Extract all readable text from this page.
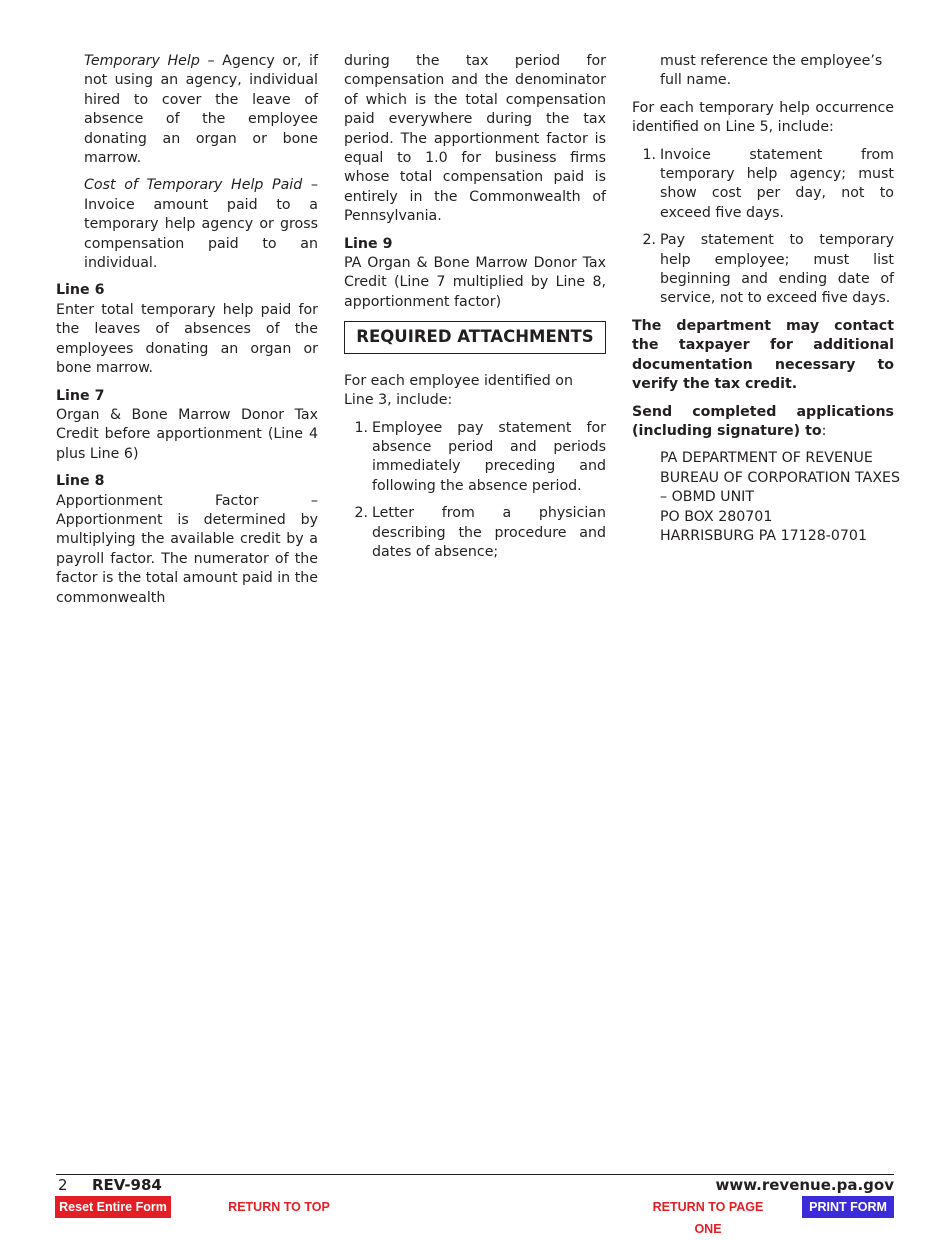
Temporary Help – Agency or, if not using an agency, individual hired to cover the leave of absence of the employee donating an organ or bone marrow.

Cost of Temporary Help Paid – Invoice amount paid to a temporary help agency or gross compensation paid to an individual.

Line 6

Enter total temporary help paid for the leaves of absences of the employees donating an organ or bone marrow.

Line 7

Organ & Bone Marrow Donor Tax Credit before apportionment (Line 4 plus Line 6)

Line 8

Apportionment Factor – Apportionment is determined by multiplying the available credit by a payroll factor. The numerator of the factor is the total amount paid in the commonwealth

during the tax period for compensation and the denominator of which is the total compensation paid everywhere during the tax period. The apportionment factor is equal to 1.0 for business firms whose total compensation paid is entirely in the Commonwealth of Pennsylvania.

Line 9

PA Organ & Bone Marrow Donor Tax Credit (Line 7 multiplied by Line 8, apportionment factor)

REQUIRED ATTACHMENTS

For each employee identified on Line 3, include:

1. Employee pay statement for absence period and periods immediately preceding and following the absence period.
2. Letter from a physician describing the procedure and dates of absence;

must reference the employee’s full name.

For each temporary help occurrence identified on Line 5, include:

1. Invoice statement from temporary help agency; must show cost per day, not to exceed five days.
2. Pay statement to temporary help employee; must list beginning and ending date of service, not to exceed five days.

The department may contact the taxpayer for additional documentation necessary to verify the tax credit.

Send completed applications (including signature) to:

PA DEPARTMENT OF REVENUE
BUREAU OF CORPORATION TAXES
– OBMD UNIT
PO BOX 280701
HARRISBURG PA 17128-0701
2 REV-984	www.revenue.pa.gov
Reset Entire Form	RETURN TO TOP	RETURN TO PAGE ONE
PRINT FORM
